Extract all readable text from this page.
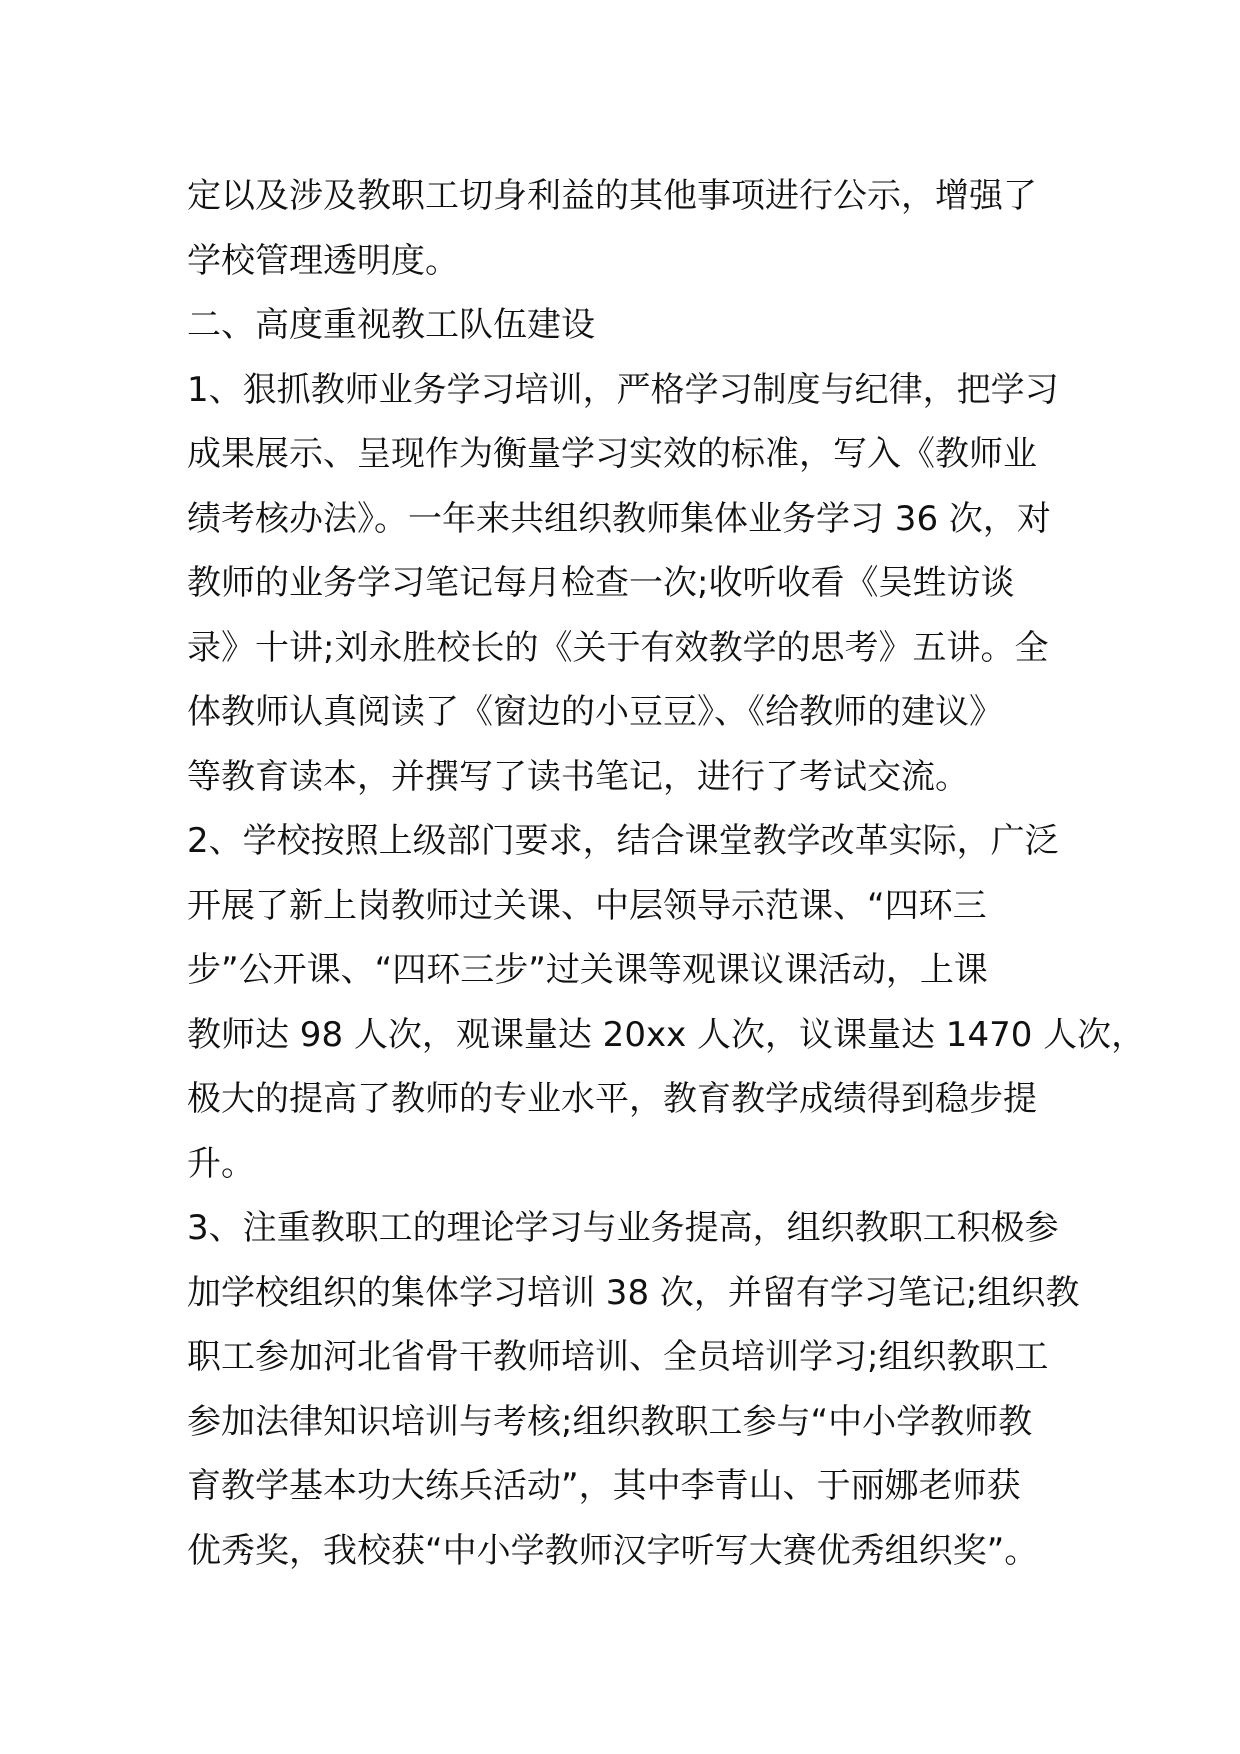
定以及涉及教职工切身利益的其他事项进行公示，增强了
学校管理透明度。
二、高度重视教工队伍建设
1、狠抓教师业务学习培训，严格学习制度与纪律，把学习
成果展示、呈现作为衡量学习实效的标准，写入《教师业
绩考核办法》。一年来共组织教师集体业务学习 36 次，对
教师的业务学习笔记每月检查一次;收听收看《吴甡访谈
录》十讲;刘永胜校长的《关于有效教学的思考》五讲。全
体教师认真阅读了《窗边的小豆豆》、《给教师的建议》
等教育读本，并撰写了读书笔记，进行了考试交流。
2、学校按照上级部门要求，结合课堂教学改革实际，广泛
开展了新上岗教师过关课、中层领导示范课、“四环三
步”公开课、“四环三步”过关课等观课议课活动，上课
教师达 98 人次，观课量达 20xx 人次，议课量达 1470 人次，
极大的提高了教师的专业水平，教育教学成绩得到稳步提
升。
3、注重教职工的理论学习与业务提高，组织教职工积极参
加学校组织的集体学习培训 38 次，并留有学习笔记;组织教
职工参加河北省骨干教师培训、全员培训学习;组织教职工
参加法律知识培训与考核;组织教职工参与“中小学教师教
育教学基本功大练兵活动”，其中李青山、于丽娜老师获
优秀奖，我校获“中小学教师汉字听写大赛优秀组织奖”。
